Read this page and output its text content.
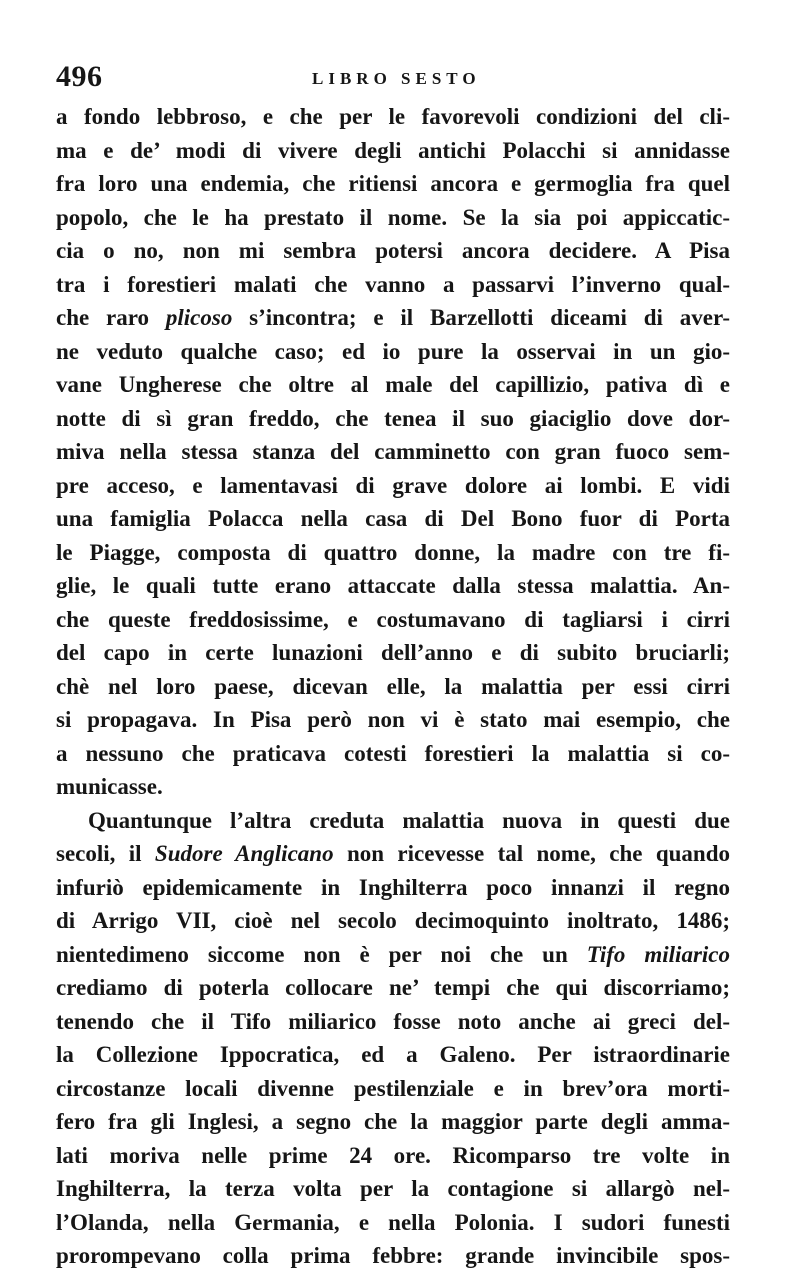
496	LIBRO SESTO
a fondo lebbroso, e che per le favorevoli condizioni del cli-
ma e de’ modi di vivere degli antichi Polacchi si annidasse
fra loro una endemia, che ritiensi ancora e germoglia fra quel
popolo, che le ha prestato il nome. Se la sia poi appiccatic-
cia o no, non mi sembra potersi ancora decidere. A Pisa
tra i forestieri malati che vanno a passarvi l’inverno qual-
che raro plicoso s’incontra; e il Barzellotti diceami di aver-
ne veduto qualche caso; ed io pure la osservai in un gio-
vane Ungherese che oltre al male del capillizio, pativa dì e
notte di sì gran freddo, che tenea il suo giaciglio dove dor-
miva nella stessa stanza del camminetto con gran fuoco sem-
pre acceso, e lamentavasi di grave dolore ai lombi. E vidi
una famiglia Polacca nella casa di Del Bono fuor di Porta
le Piagge, composta di quattro donne, la madre con tre fi-
glie, le quali tutte erano attaccate dalla stessa malattia. An-
che queste freddosissime, e costumavano di tagliarsi i cirri
del capo in certe lunazioni dell’anno e di subito bruciarli;
chè nel loro paese, dicevan elle, la malattia per essi cirri
si propagava. In Pisa però non vi è stato mai esempio, che
a nessuno che praticava cotesti forestieri la malattia si co-
municasse.
Quantunque l’altra creduta malattia nuova in questi due
secoli, il Sudore Anglicano non ricevesse tal nome, che quando
infuriò epidemicamente in Inghilterra poco innanzi il regno
di Arrigo VII, cioè nel secolo decimoquinto inoltrato, 1486;
nientedimeno siccome non è per noi che un Tifo miliarico
crediamo di poterla collocare ne’ tempi che qui discorriamo;
tenendo che il Tifo miliarico fosse noto anche ai greci del-
la Collezione Ippocratica, ed a Galeno. Per istraordinarie
circostanze locali divenne pestilenziale e in brev’ora morti-
fero fra gli Inglesi, a segno che la maggior parte degli amma-
lati moriva nelle prime 24 ore. Ricomparso tre volte in
Inghilterra, la terza volta per la contagione si allargò nel-
l’Olanda, nella Germania, e nella Polonia. I sudori funesti
prorompevano colla prima febbre: grande invincibile spos-
